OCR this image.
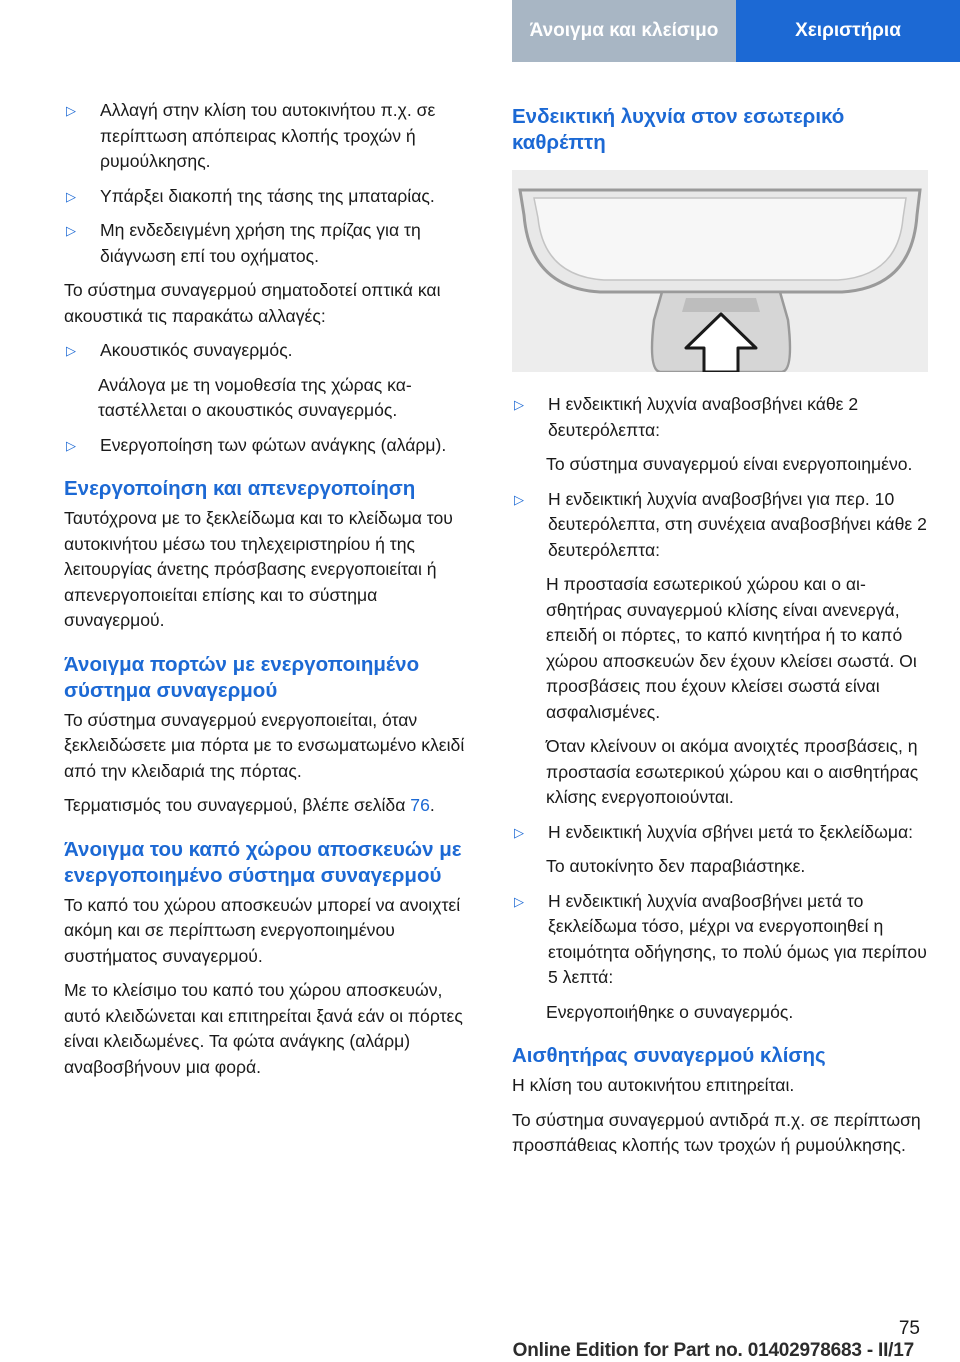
Άνοιγμα και κλείσιμο	Χειριστήρια
▷	Αλλαγή στην κλίση του αυτοκινήτου π.χ. σε περίπτωση απόπειρας κλοπής τροχών ή ρυμούλκησης.
▷	Υπάρξει διακοπή της τάσης της μπαταρίας.
▷	Μη ενδεδειγμένη χρήση της πρίζας για τη διάγνωση επί του οχήματος.

Το σύστημα συναγερμού σηματοδοτεί οπτικά και ακουστικά τις παρακάτω αλλαγές:

▷	Ακουστικός συναγερμός.

Ανάλογα με τη νομοθεσία της χώρας καταστέλλεται ο ακουστικός συναγερμός.

▷	Ενεργοποίηση των φώτων ανάγκης (αλάρμ).
Ενεργοποίηση και απενεργοποίηση

Ταυτόχρονα με το ξεκλείδωμα και το κλείδωμα του αυτοκινήτου μέσω του τηλεχειριστηρίου ή της λειτουργίας άνετης πρόσβασης ενεργοποιείται ή απενεργοποιείται επίσης και το σύστημα συναγερμού.

Άνοιγμα πορτών με ενεργοποιημένο σύστημα συναγερμού

Το σύστημα συναγερμού ενεργοποιείται, όταν ξεκλειδώσετε μια πόρτα με το ενσωματωμένο κλειδί από την κλειδαριά της πόρτας.

Τερματισμός του συναγερμού, βλέπε σελίδα 76.

Άνοιγμα του καπό χώρου αποσκευών με ενεργοποιημένο σύστημα συναγερμού

Το καπό του χώρου αποσκευών μπορεί να ανοιχτεί ακόμη και σε περίπτωση ενεργοποιημένου συστήματος συναγερμού.

Με το κλείσιμο του καπό του χώρου αποσκευών, αυτό κλειδώνεται και επιτηρείται ξανά εάν οι πόρτες είναι κλειδωμένες. Τα φώτα ανάγκης (αλάρμ) αναβοσβήνουν μια φορά.

Ενδεικτική λυχνία στον εσωτερικό καθρέπτη
▷	Η ενδεικτική λυχνία αναβοσβήνει κάθε 2 δευτερόλεπτα:

Το σύστημα συναγερμού είναι ενεργοποιημένο.

▷	Η ενδεικτική λυχνία αναβοσβήνει για περ. 10 δευτερόλεπτα, στη συνέχεια αναβοσβήνει κάθε 2 δευτερόλεπτα:

Η προστασία εσωτερικού χώρου και ο αισθητήρας συναγερμού κλίσης είναι ανενεργά, επειδή οι πόρτες, το καπό κινητήρα ή το καπό χώρου αποσκευών δεν έχουν κλείσει σωστά. Οι προσβάσεις που έχουν κλείσει σωστά είναι ασφαλισμένες.

Όταν κλείνουν οι ακόμα ανοιχτές προσβάσεις, η προστασία εσωτερικού χώρου και ο αισθητήρας κλίσης ενεργοποιούνται.

▷	Η ενδεικτική λυχνία σβήνει μετά το ξεκλείδωμα:

Το αυτοκίνητο δεν παραβιάστηκε.

▷	Η ενδεικτική λυχνία αναβοσβήνει μετά το ξεκλείδωμα τόσο, μέχρι να ενεργοποιηθεί η ετοιμότητα οδήγησης, το πολύ όμως για περίπου 5 λεπτά:

Ενεργοποιήθηκε ο συναγερμός.

Αισθητήρας συναγερμού κλίσης

Η κλίση του αυτοκινήτου επιτηρείται.

Το σύστημα συναγερμού αντιδρά π.χ. σε περίπτωση προσπάθειας κλοπής των τροχών ή ρυμούλκησης.

75
Online Edition for Part no. 01402978683 - II/17
